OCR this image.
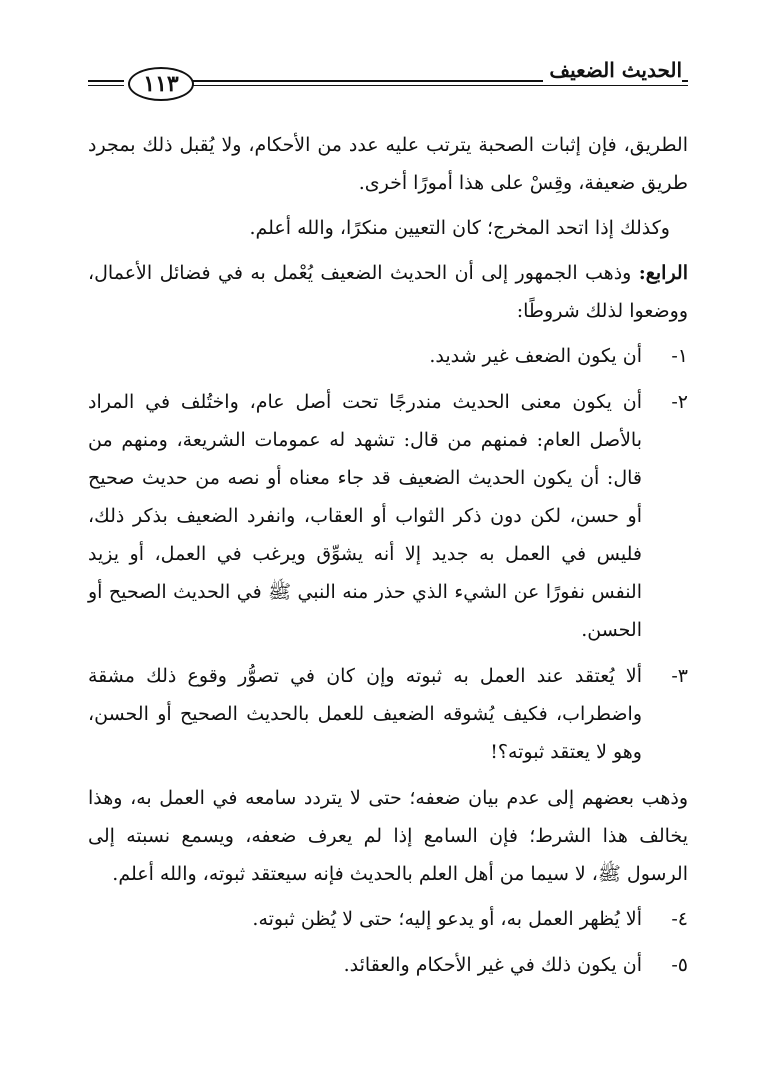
١١٣
الحديث الضعيف

الطريق، فإن إثبات الصحبة يترتب عليه عدد من الأحكام، ولا يُقبل ذلك بمجرد طريق ضعيفة، وقِسْ على هذا أمورًا أخرى.

وكذلك إذا اتحد المخرج؛ كان التعيين منكرًا، والله أعلم.

الرابع: وذهب الجمهور إلى أن الحديث الضعيف يُعْمل به في فضائل الأعمال، ووضعوا لذلك شروطًا:

١-
أن يكون الضعف غير شديد.
٢-
أن يكون معنى الحديث مندرجًا تحت أصل عام، واختُلف في المراد بالأصل العام: فمنهم من قال: تشهد له عمومات الشريعة، ومنهم من قال: أن يكون الحديث الضعيف قد جاء معناه أو نصه من حديث صحيح أو حسن، لكن دون ذكر الثواب أو العقاب، وانفرد الضعيف بذكر ذلك، فليس في العمل به جديد إلا أنه يشوِّق ويرغب في العمل، أو يزيد النفس نفورًا عن الشيء الذي حذر منه النبي ﷺ في الحديث الصحيح أو الحسن.
٣-
ألا يُعتقد عند العمل به ثبوته وإن كان في تصوُّر وقوع ذلك مشقة واضطراب، فكيف يُشوقه الضعيف للعمل بالحديث الصحيح أو الحسن، وهو لا يعتقد ثبوته؟!

وذهب بعضهم إلى عدم بيان ضعفه؛ حتى لا يتردد سامعه في العمل به، وهذا يخالف هذا الشرط؛ فإن السامع إذا لم يعرف ضعفه، ويسمع نسبته إلى الرسول ﷺ، لا سيما من أهل العلم بالحديث فإنه سيعتقد ثبوته، والله أعلم.

٤-
ألا يُظهر العمل به، أو يدعو إليه؛ حتى لا يُظن ثبوته.
٥-
أن يكون ذلك في غير الأحكام والعقائد.
